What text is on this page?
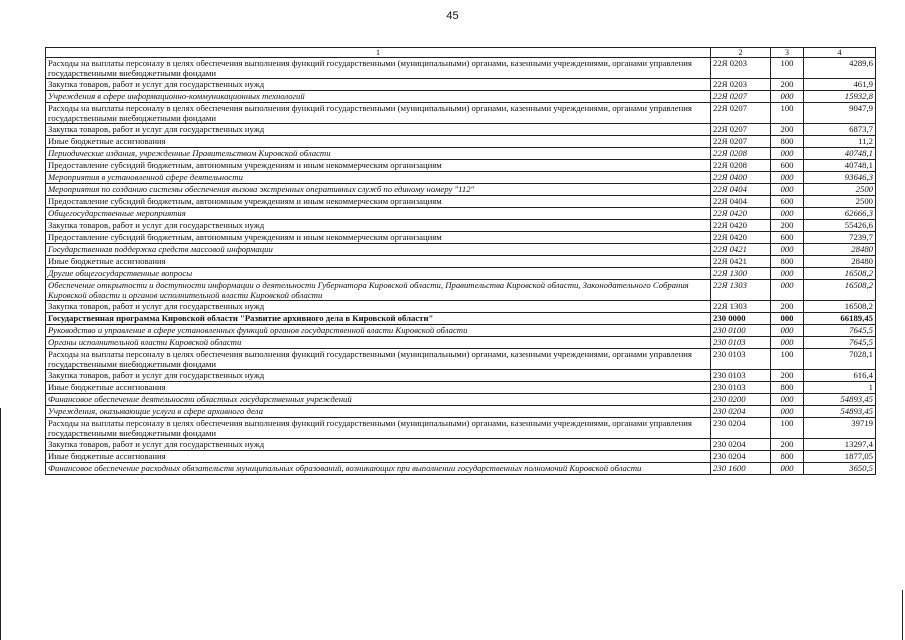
45
1	2	3	4
Расходы на выплаты персоналу в целях обеспечения выполнения функций государственными (муниципальными) органами, казенными учреждениями, органами управления государственными внебюджетными фондами	22Я 0203	100	4289,6
Закупка товаров, работ и услуг для государственных нужд	22Я 0203	200	461,9
Учреждения в сфере информационно-коммуникационных технологий	22Я 0207	000	15932,8
Расходы на выплаты персоналу в целях обеспечения выполнения функций государственными (муниципальными) органами, казенными учреждениями, органами управления государственными внебюджетными фондами	22Я 0207	100	9047,9
Закупка товаров, работ и услуг для государственных нужд	22Я 0207	200	6873,7
Иные бюджетные ассигнования	22Я 0207	800	11,2
Периодические издания, учрежденные Правительством Кировской области	22Я 0208	000	40748,1
Предоставление субсидий бюджетным, автономным учреждениям и иным некоммерческим организациям	22Я 0208	600	40748,1
Мероприятия в установленной сфере деятельности	22Я 0400	000	93646,3
Мероприятия по созданию системы обеспечения вызова экстренных оперативных служб по единому номеру "112"	22Я 0404	000	2500
Предоставление субсидий бюджетным, автономным учреждениям и иным некоммерческим организациям	22Я 0404	600	2500
Общегосударственные мероприятия	22Я 0420	000	62666,3
Закупка товаров, работ и услуг для государственных нужд	22Я 0420	200	55426,6
Предоставление субсидий бюджетным, автономным учреждениям и иным некоммерческим организациям	22Я 0420	600	7239,7
Государственная поддержка средств массовой информации	22Я 0421	000	28480
Иные бюджетные ассигнования	22Я 0421	800	28480
Другие общегосударственные вопросы	22Я 1300	000	16508,2
Обеспечение открытости и доступности информации о деятельности Губернатора Кировской области, Правительства Кировской области, Законодательного Собрания Кировской области и органов исполнительной власти Кировской области	22Я 1303	000	16508,2
Закупка товаров, работ и услуг для государственных нужд	22Я 1303	200	16508,2
Государственная программа Кировской области "Развитие архивного дела в Кировской области"	230 0000	000	66189,45
Руководство и управление в сфере установленных функций органов государственной власти Кировской области	230 0100	000	7645,5
Органы исполнительной власти Кировской области	230 0103	000	7645,5
Расходы на выплаты персоналу в целях обеспечения выполнения функций государственными (муниципальными) органами, казенными учреждениями, органами управления государственными внебюджетными фондами	230 0103	100	7028,1
Закупка товаров, работ и услуг для государственных нужд	230 0103	200	616,4
Иные бюджетные ассигнования	230 0103	800	1
Финансовое обеспечение деятельности областных государственных учреждений	230 0200	000	54893,45
Учреждения, оказывающие услуги в сфере архивного дела	230 0204	000	54893,45
Расходы на выплаты персоналу в целях обеспечения выполнения функций государственными (муниципальными) органами, казенными учреждениями, органами управления государственными внебюджетными фондами	230 0204	100	39719
Закупка товаров, работ и услуг для государственных нужд	230 0204	200	13297,4
Иные бюджетные ассигнования	230 0204	800	1877,05
Финансовое обеспечение расходных обязательств муниципальных образований, возникающих при выполнении государственных полномочий Кировской области	230 1600	000	3650,5
